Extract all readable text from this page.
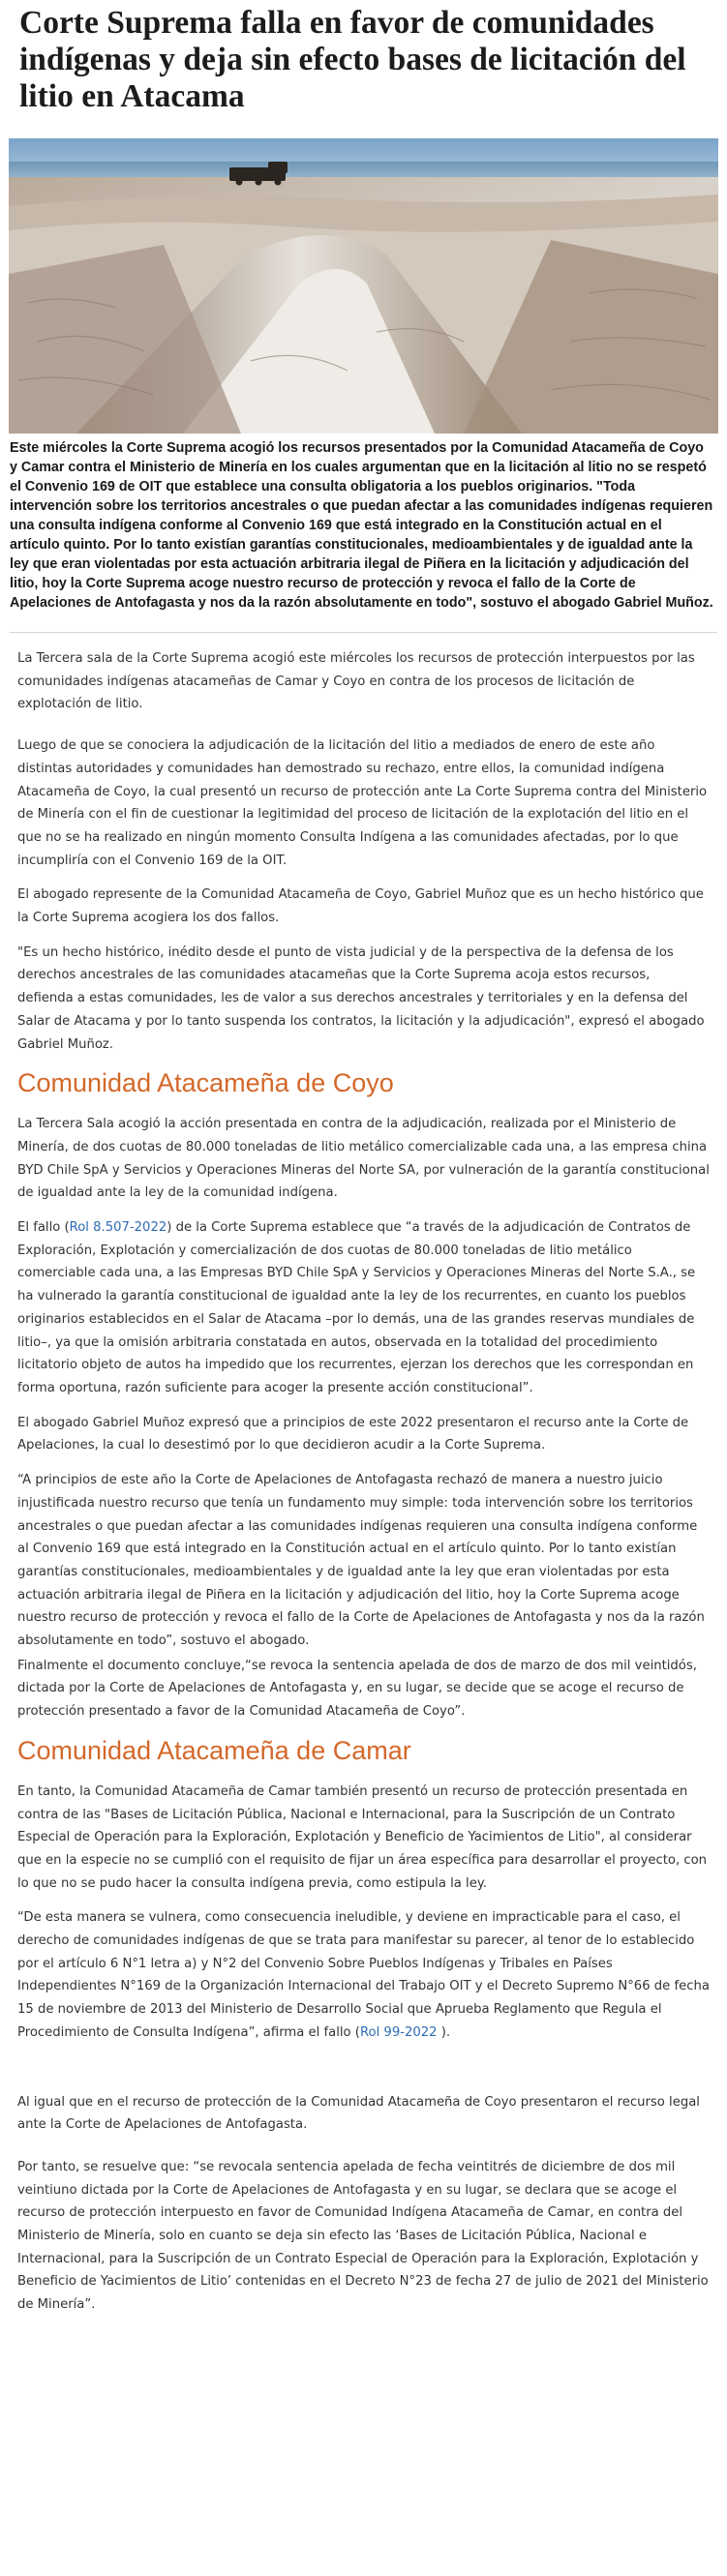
Corte Suprema falla en favor de comunidades indígenas y deja sin efecto bases de licitación del litio en Atacama

Este miércoles la Corte Suprema acogió los recursos presentados por la Comunidad Atacameña de Coyo y Camar contra el Ministerio de Minería en los cuales argumentan que en la licitación al litio no se respetó el Convenio 169 de OIT que establece una consulta obligatoria a los pueblos originarios. "Toda intervención sobre los territorios ancestrales o que puedan afectar a las comunidades indígenas requieren una consulta indígena conforme al Convenio 169 que está integrado en la Constitución actual en el artículo quinto. Por lo tanto existían garantías constitucionales, medioambientales y de igualdad ante la ley que eran violentadas por esta actuación arbitraria ilegal de Piñera en la licitación y adjudicación del litio, hoy la Corte Suprema acoge nuestro recurso de protección y revoca el fallo de la Corte de Apelaciones de Antofagasta y nos da la razón absolutamente en todo", sostuvo el abogado Gabriel Muñoz.

La Tercera sala de la Corte Suprema acogió este miércoles los recursos de protección interpuestos por las comunidades indígenas atacameñas de Camar y Coyo en contra de los procesos de licitación de explotación de litio.

Luego de que se conociera la adjudicación de la licitación del litio a mediados de enero de este año distintas autoridades y comunidades han demostrado su rechazo, entre ellos, la comunidad indígena Atacameña de Coyo, la cual presentó un recurso de protección ante La Corte Suprema contra del Ministerio de Minería con el fin de cuestionar la legitimidad del proceso de licitación de la explotación del litio en el que no se ha realizado en ningún momento Consulta Indígena a las comunidades afectadas, por lo que incumpliría con el Convenio 169 de la OIT.

El abogado represente de la Comunidad Atacameña de Coyo, Gabriel Muñoz que es un hecho histórico que la Corte Suprema acogiera los dos fallos.

"Es un hecho histórico, inédito desde el punto de vista judicial y de la perspectiva de la defensa de los derechos ancestrales de las comunidades atacameñas que la Corte Suprema acoja estos recursos, defienda a estas comunidades, les de valor a sus derechos ancestrales y territoriales y en la defensa del Salar de Atacama y por lo tanto suspenda los contratos, la licitación y la adjudicación", expresó el abogado Gabriel Muñoz.

Comunidad Atacameña de Coyo

La Tercera Sala acogió la acción presentada en contra de la adjudicación, realizada por el Ministerio de Minería, de dos cuotas de 80.000 toneladas de litio metálico comercializable cada una, a las empresa china BYD Chile SpA y Servicios y Operaciones Mineras del Norte SA, por vulneración de la garantía constitucional de igualdad ante la ley de la comunidad indígena.

El fallo (Rol 8.507-2022) de la Corte Suprema establece que “a través de la adjudicación de Contratos de Exploración, Explotación y comercialización de dos cuotas de 80.000 toneladas de litio metálico comerciable cada una, a las Empresas BYD Chile SpA y Servicios y Operaciones Mineras del Norte S.A., se ha vulnerado la garantía constitucional de igualdad ante la ley de los recurrentes, en cuanto los pueblos originarios establecidos en el Salar de Atacama –por lo demás, una de las grandes reservas mundiales de litio–, ya que la omisión arbitraria constatada en autos, observada en la totalidad del procedimiento licitatorio objeto de autos ha impedido que los recurrentes, ejerzan los derechos que les correspondan en forma oportuna, razón suficiente para acoger la presente acción constitucional”.

El abogado Gabriel Muñoz expresó que a principios de este 2022 presentaron el recurso ante la Corte de Apelaciones, la cual lo desestimó por lo que decidieron acudir a la Corte Suprema.

“A principios de este año la Corte de Apelaciones de Antofagasta rechazó de manera a nuestro juicio injustificada nuestro recurso que tenía un fundamento muy simple: toda intervención sobre los territorios ancestrales o que puedan afectar a las comunidades indígenas requieren una consulta indígena conforme al Convenio 169 que está integrado en la Constitución actual en el artículo quinto. Por lo tanto existían garantías constitucionales, medioambientales y de igualdad ante la ley que eran violentadas por esta actuación arbitraria ilegal de Piñera en la licitación y adjudicación del litio, hoy la Corte Suprema acoge nuestro recurso de protección y revoca el fallo de la Corte de Apelaciones de Antofagasta y nos da la razón absolutamente en todo”, sostuvo el abogado.

Finalmente el documento concluye,“se revoca la sentencia apelada de dos de marzo de dos mil veintidós, dictada por la Corte de Apelaciones de Antofagasta y, en su lugar, se decide que se acoge el recurso de protección presentado a favor de la Comunidad Atacameña de Coyo”.

Comunidad Atacameña de Camar

En tanto, la Comunidad Atacameña de Camar también presentó un recurso de protección presentada en contra de las "Bases de Licitación Pública, Nacional e Internacional, para la Suscripción de un Contrato Especial de Operación para la Exploración, Explotación y Beneficio de Yacimientos de Litio", al considerar que en la especie no se cumplió con el requisito de fijar un área específica para desarrollar el proyecto, con lo que no se pudo hacer la consulta indígena previa, como estipula la ley.

“De esta manera se vulnera, como consecuencia ineludible, y deviene en impracticable para el caso, el derecho de comunidades indígenas de que se trata para manifestar su parecer, al tenor de lo establecido por el artículo 6 N°1 letra a) y N°2 del Convenio Sobre Pueblos Indígenas y Tribales en Países Independientes N°169 de la Organización Internacional del Trabajo OIT y el Decreto Supremo N°66 de fecha 15 de noviembre de 2013 del Ministerio de Desarrollo Social que Aprueba Reglamento que Regula el Procedimiento de Consulta Indígena”, afirma el fallo (Rol 99-2022 ).

Al igual que en el recurso de protección de la Comunidad Atacameña de Coyo presentaron el recurso legal ante la Corte de Apelaciones de Antofagasta.

Por tanto, se resuelve que: “se revocala sentencia apelada de fecha veintitrés de diciembre de dos mil veintiuno dictada por la Corte de Apelaciones de Antofagasta y en su lugar, se declara que se acoge el recurso de protección interpuesto en favor de Comunidad Indígena Atacameña de Camar, en contra del Ministerio de Minería, solo en cuanto se deja sin efecto las ‘Bases de Licitación Pública, Nacional e Internacional, para la Suscripción de un Contrato Especial de Operación para la Exploración, Explotación y Beneficio de Yacimientos de Litio’ contenidas en el Decreto N°23 de fecha 27 de julio de 2021 del Ministerio de Minería”.
